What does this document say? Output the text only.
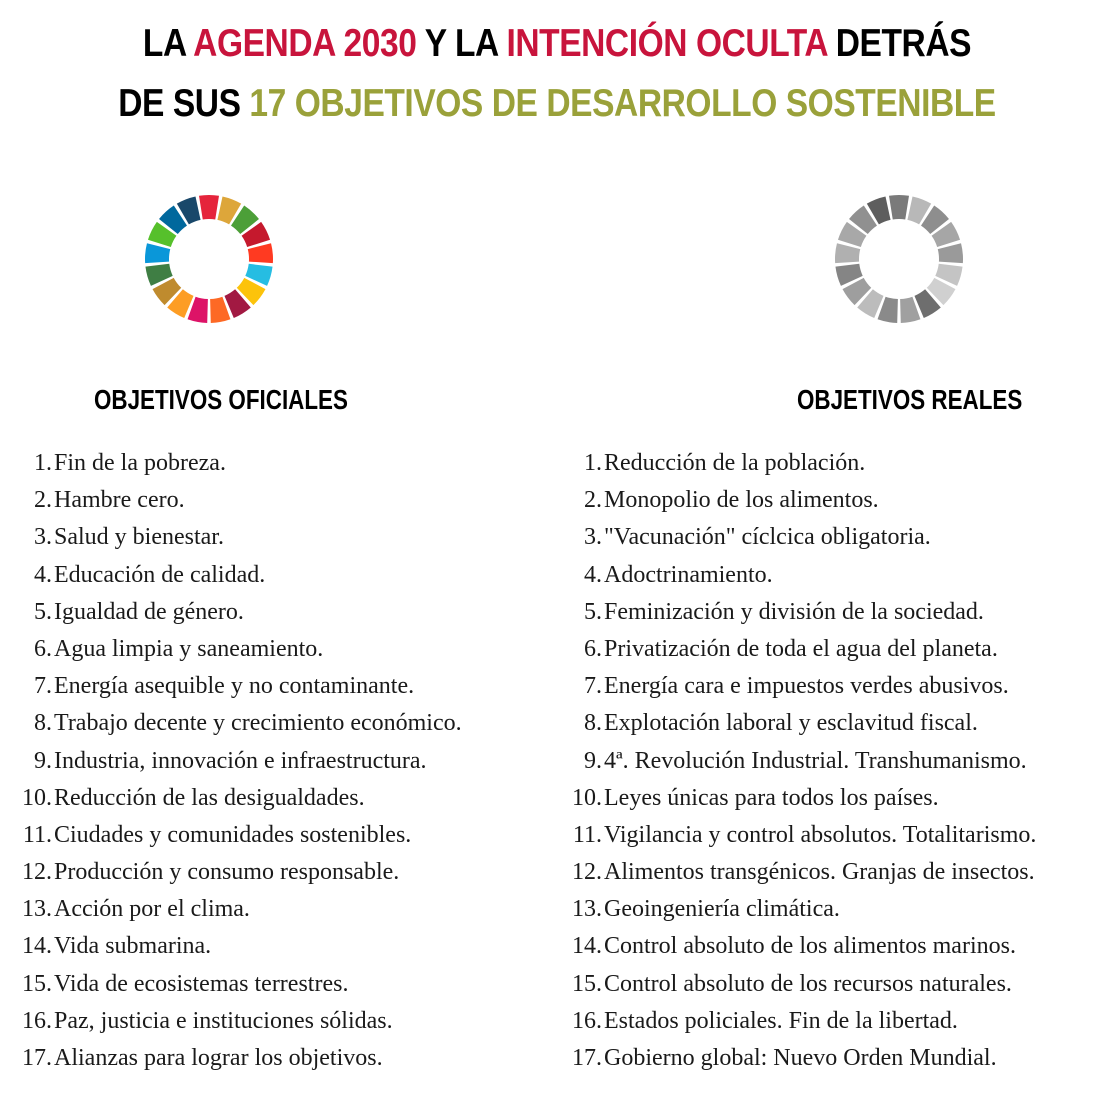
LA AGENDA 2030 Y LA INTENCIÓN OCULTA DETRÁS
DE SUS 17 OBJETIVOS DE DESARROLLO SOSTENIBLE
OBJETIVOS OFICIALES	OBJETIVOS REALES
1. Fin de la pobreza.
2. Hambre cero.
3. Salud y bienestar.
4. Educación de calidad.
5. Igualdad de género.
6. Agua limpia y saneamiento.
7. Energía asequible y no contaminante.
8. Trabajo decente y crecimiento económico.
9. Industria, innovación e infraestructura.
10. Reducción de las desigualdades.
11. Ciudades y comunidades sostenibles.
12. Producción y consumo responsable.
13. Acción por el clima.
14. Vida submarina.
15. Vida de ecosistemas terrestres.
16. Paz, justicia e instituciones sólidas.
17. Alianzas para lograr los objetivos.
1. Reducción de la población.
2. Monopolio de los alimentos.
3. "Vacunación" cíclcica obligatoria.
4. Adoctrinamiento.
5. Feminización y división de la sociedad.
6. Privatización de toda el agua del planeta.
7. Energía cara e impuestos verdes abusivos.
8. Explotación laboral y esclavitud fiscal.
9. 4ª. Revolución Industrial. Transhumanismo.
10. Leyes únicas para todos los países.
11. Vigilancia y control absolutos. Totalitarismo.
12. Alimentos transgénicos. Granjas de insectos.
13. Geoingeniería climática.
14. Control absoluto de los alimentos marinos.
15. Control absoluto de los recursos naturales.
16. Estados policiales. Fin de la libertad.
17. Gobierno global: Nuevo Orden Mundial.
